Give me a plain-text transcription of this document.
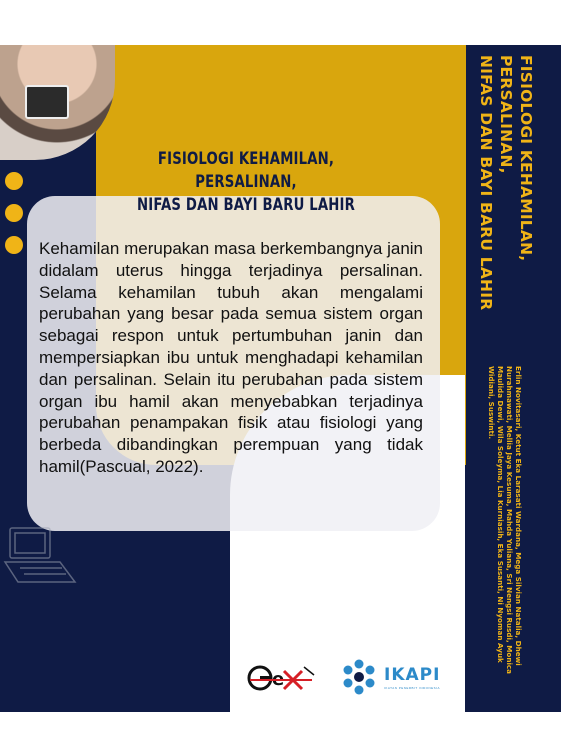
FISIOLOGI KEHAMILAN, PERSALINAN,
NIFAS DAN BAYI BARU LAHIR

Kehamilan merupakan masa berkembangnya janin didalam uterus hingga terjadinya persalinan. Selama kehamilan tubuh akan mengalami perubahan yang besar pada semua sistem organ sebagai respon untuk pertumbuhan janin dan mempersiapkan ibu untuk menghadapi kehamilan dan persalinan. Selain itu perubahan pada sistem organ ibu hamil akan menyebabkan terjadinya perubahan penampakan fisik atau fisiologi yang berbeda dibandingkan perempuan yang tidak hamil(Pascual, 2022).

FISIOLOGI KEHAMILAN, PERSALINAN,
NIFAS DAN BAYI BARU LAHIR
Erlin Novitasari, Ketut Eka Larasati Wardana, Mega Silvian Natalia, Dhewi Nurahmawati, Mellia Jaya Kesuma, Mahda Yuliana, Sri Nengsi Rusdi, Monica Maulida Dewi, Wila Soleyma, Lia Kurniasih, Eka Susanti, Ni Nyoman Ayuk Widiani, Suswinti.
e	IKAPI
IKATAN PENERBIT INDONESIA
